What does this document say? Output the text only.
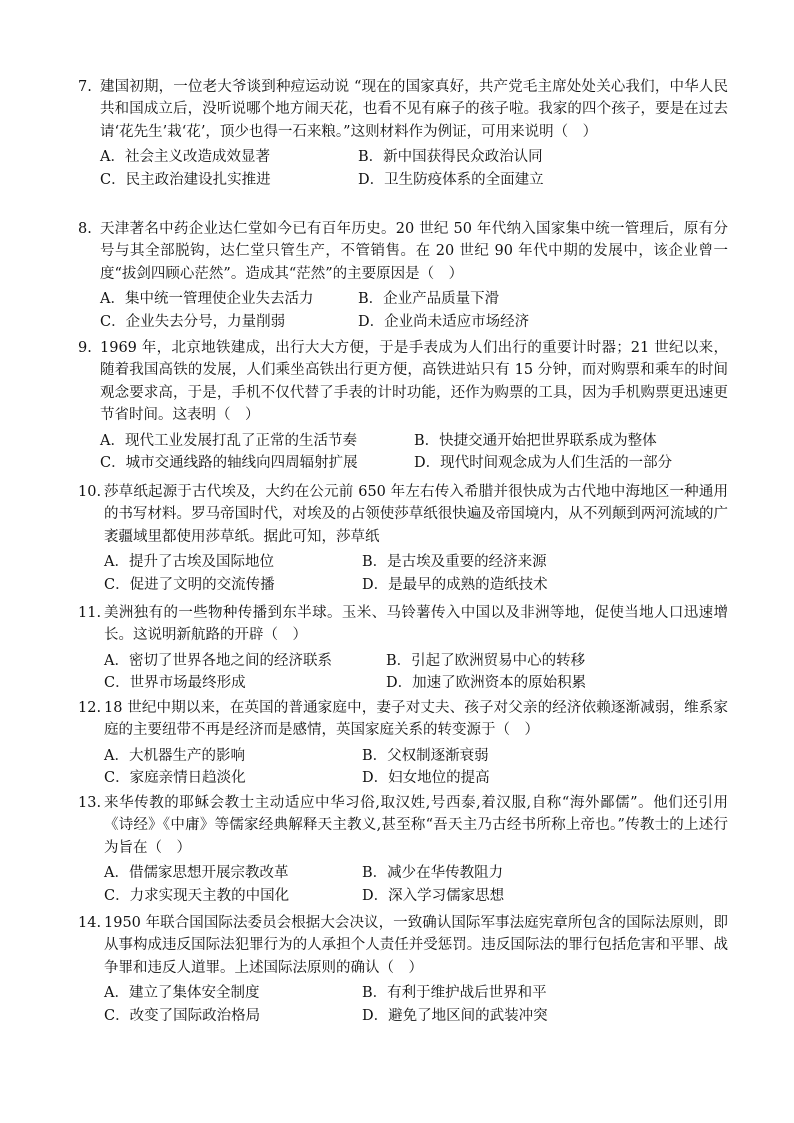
7. 建国初期，一位老大爷谈到种痘运动说 “现在的国家真好，共产党毛主席处处关心我们，中华人民共和国成立后，没听说哪个地方闹天花，也看不见有麻子的孩子啦。我家的四个孩子，要是在过去请‘花先生’栽‘花’，顶少也得一石来粮。”这则材料作为例证，可用来说明（　）
A．社会主义改造成效显著	B．新中国获得民众政治认同
C．民主政治建设扎实推进	D．卫生防疫体系的全面建立
8. 天津著名中药企业达仁堂如今已有百年历史。20 世纪 50 年代纳入国家集中统一管理后，原有分号与其全部脱钩，达仁堂只管生产，不管销售。在 20 世纪 90 年代中期的发展中，该企业曾一度“拔剑四顾心茫然”。造成其“茫然”的主要原因是（　）
A．集中统一管理使企业失去活力	B．企业产品质量下滑
C．企业失去分号，力量削弱	D．企业尚未适应市场经济
9. 1969 年，北京地铁建成，出行大大方便，于是手表成为人们出行的重要计时器；21 世纪以来，随着我国高铁的发展，人们乘坐高铁出行更方便，高铁进站只有 15 分钟，而对购票和乘车的时间观念要求高，于是，手机不仅代替了手表的计时功能，还作为购票的工具，因为手机购票更迅速更节省时间。这表明（　）
A．现代工业发展打乱了正常的生活节奏	B．快捷交通开始把世界联系成为整体
C．城市交通线路的轴线向四周辐射扩展	D．现代时间观念成为人们生活的一部分
10. 莎草纸起源于古代埃及，大约在公元前 650 年左右传入希腊并很快成为古代地中海地区一种通用的书写材料。罗马帝国时代，对埃及的占领使莎草纸很快遍及帝国境内，从不列颠到两河流域的广袤疆域里都使用莎草纸。据此可知，莎草纸
A．提升了古埃及国际地位	B．是古埃及重要的经济来源
C．促进了文明的交流传播	D．是最早的成熟的造纸技术
11. 美洲独有的一些物种传播到东半球。玉米、马铃薯传入中国以及非洲等地，促使当地人口迅速增长。这说明新航路的开辟（　）
A．密切了世界各地之间的经济联系	B．引起了欧洲贸易中心的转移
C．世界市场最终形成	D．加速了欧洲资本的原始积累
12. 18 世纪中期以来，在英国的普通家庭中，妻子对丈夫、孩子对父亲的经济依赖逐渐减弱，维系家庭的主要纽带不再是经济而是感情，英国家庭关系的转变源于（　）
A．大机器生产的影响	B．父权制逐渐衰弱
C．家庭亲情日趋淡化	D．妇女地位的提高
13. 来华传教的耶稣会教士主动适应中华习俗,取汉姓,号西泰,着汉服,自称“海外鄙儒”。他们还引用《诗经》《中庸》等儒家经典解释天主教义,甚至称“吾天主乃古经书所称上帝也。”传教士的上述行为旨在（　）
A．借儒家思想开展宗教改革	B．减少在华传教阻力
C．力求实现天主教的中国化	D．深入学习儒家思想
14. 1950 年联合国国际法委员会根据大会决议，一致确认国际军事法庭宪章所包含的国际法原则，即从事构成违反国际法犯罪行为的人承担个人责任并受惩罚。违反国际法的罪行包括危害和平罪、战争罪和违反人道罪。上述国际法原则的确认（　）
A．建立了集体安全制度	B．有利于维护战后世界和平
C．改变了国际政治格局	D．避免了地区间的武装冲突
